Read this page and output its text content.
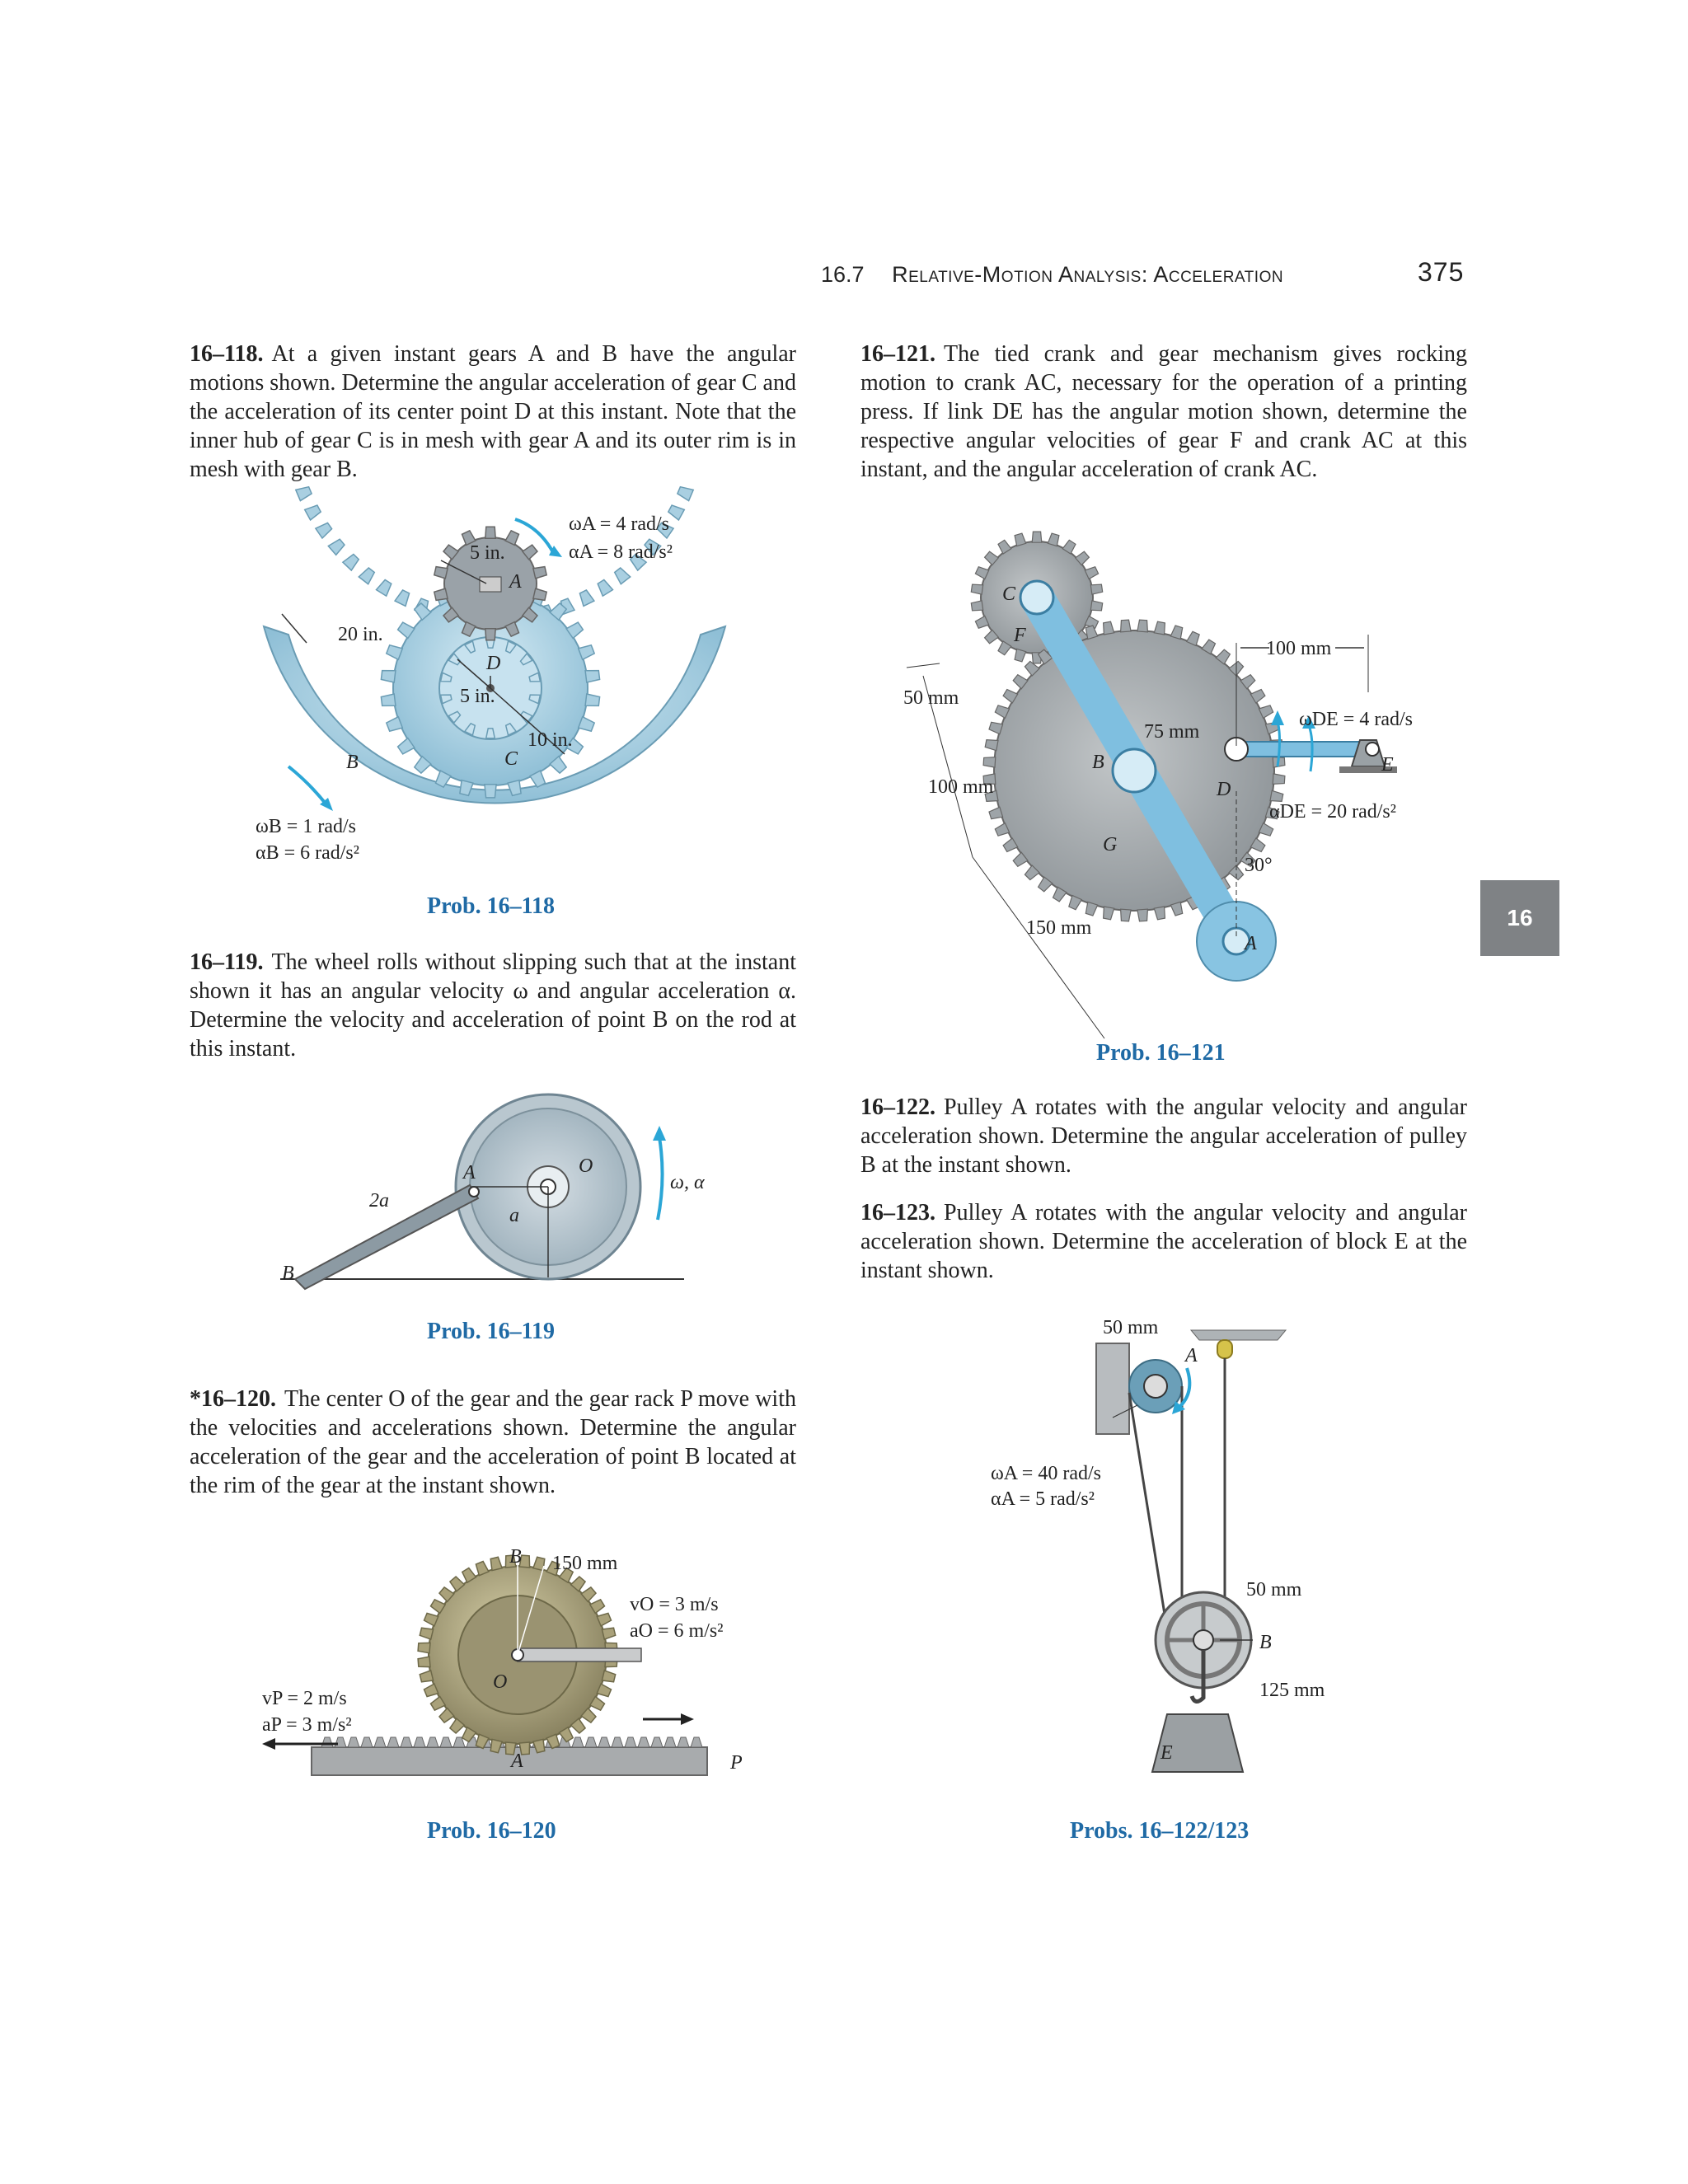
16.7 Relative-Motion Analysis: Acceleration	375
16
16–118. At a given instant gears A and B have the angular motions shown. Determine the angular acceleration of gear C and the acceleration of its center point D at this instant. Note that the inner hub of gear C is in mesh with gear A and its outer rim is in mesh with gear B.
ωA = 4 rad/s
αA = 8 rad/s²
5 in.
A
20 in.
D
5 in.
10 in.
C
B
ωB = 1 rad/s
αB = 6 rad/s²
Prob. 16–118
16–119. The wheel rolls without slipping such that at the instant shown it has an angular velocity ω and angular acceleration α. Determine the velocity and acceleration of point B on the rod at this instant.
A
B
O
2a
a
ω, α
Prob. 16–119
*16–120. The center O of the gear and the gear rack P move with the velocities and accelerations shown. Determine the angular acceleration of the gear and the acceleration of point B located at the rim of the gear at the instant shown.
B 150 mm
O
A	P
vO = 3 m/s
aO = 6 m/s²
vP = 2 m/s
aP = 3 m/s²
Prob. 16–120
16–121. The tied crank and gear mechanism gives rocking motion to crank AC, necessary for the operation of a printing press. If link DE has the angular motion shown, determine the respective angular velocities of gear F and crank AC at this instant, and the angular acceleration of crank AC.
C
F
B
G
D
E
A
50 mm
100 mm
150 mm
75 mm
100 mm
ωDE = 4 rad/s
αDE = 20 rad/s²
30°
Prob. 16–121
16–122. Pulley A rotates with the angular velocity and angular acceleration shown. Determine the angular acceleration of pulley B at the instant shown.
16–123. Pulley A rotates with the angular velocity and angular acceleration shown. Determine the acceleration of block E at the instant shown.
50 mm
A
ωA = 40 rad/s
αA = 5 rad/s²
50 mm
B
125 mm
E
Probs. 16–122/123
